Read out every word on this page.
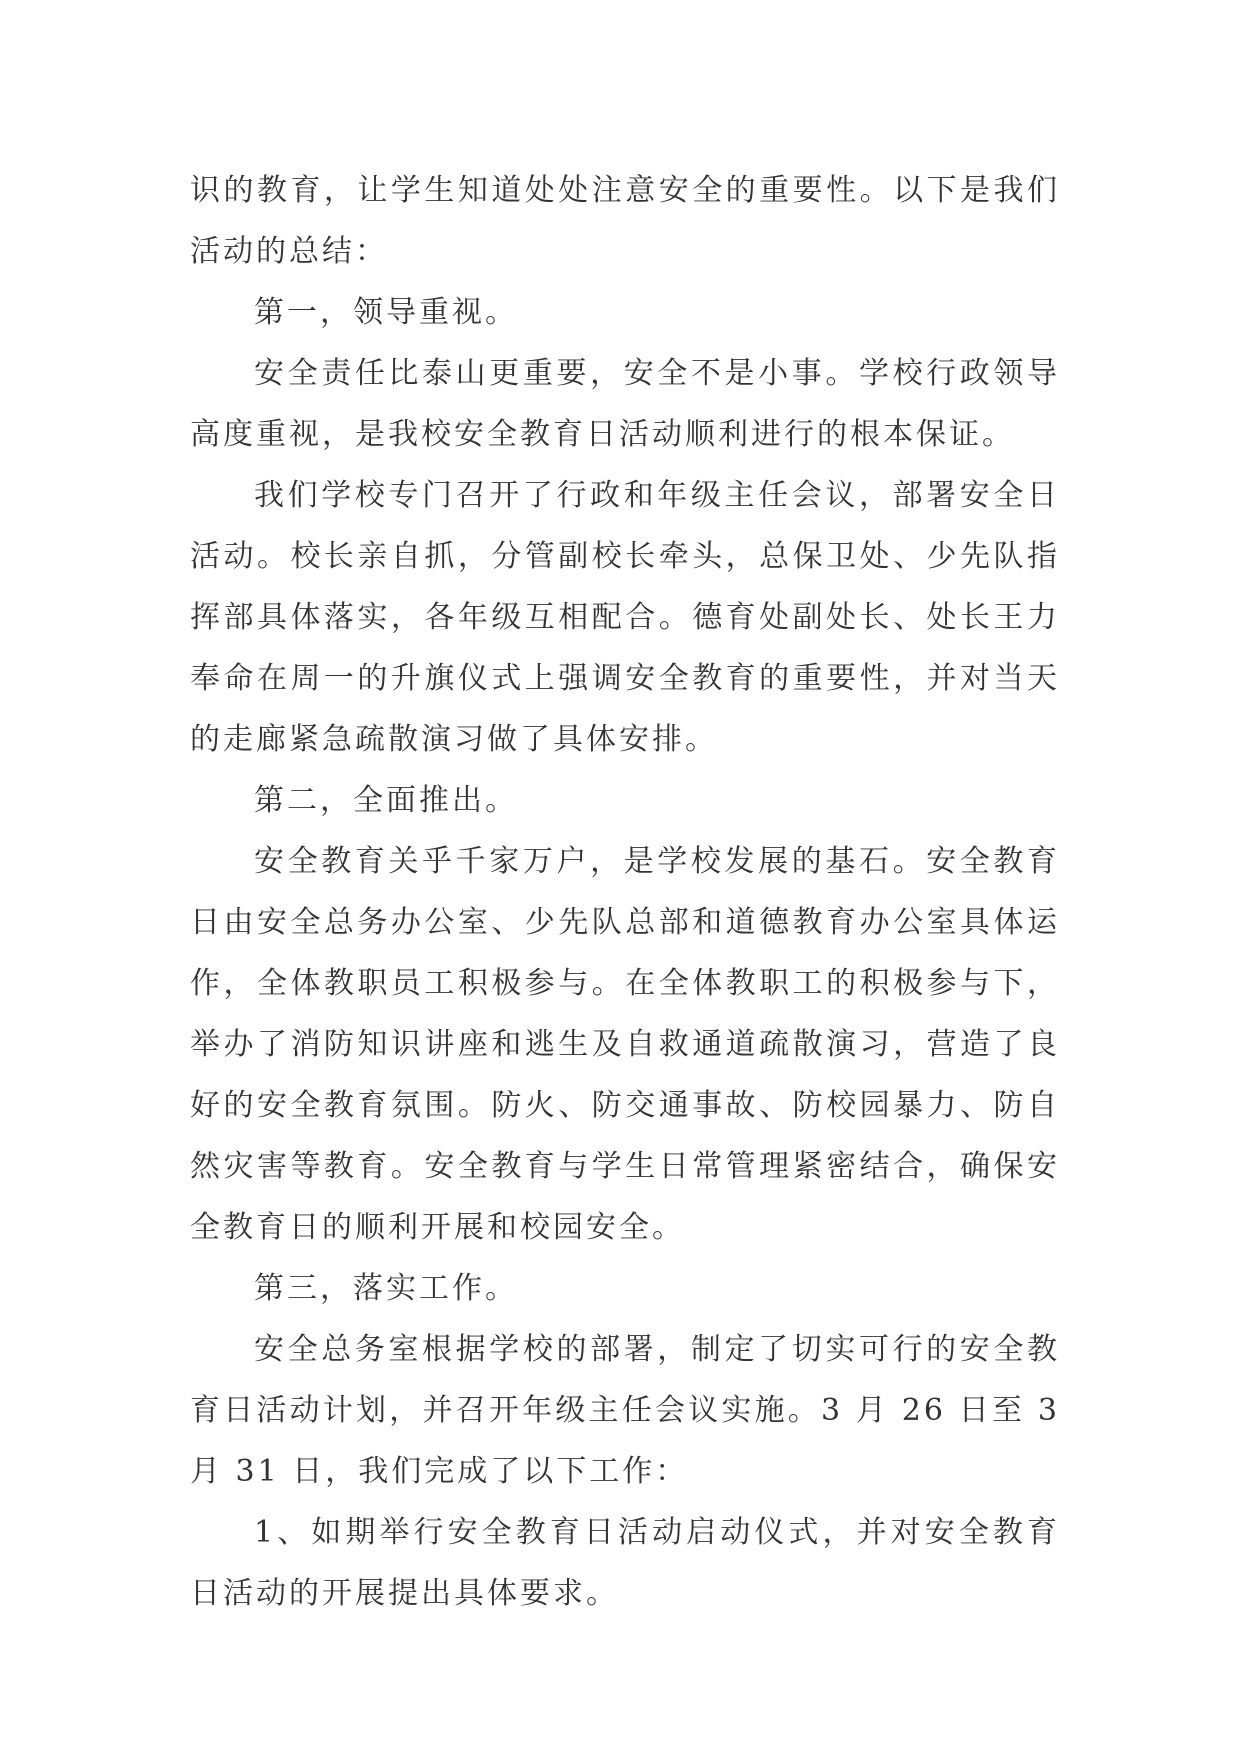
识的教育，让学生知道处处注意安全的重要性。以下是我们活动的总结：

第一，领导重视。

安全责任比泰山更重要，安全不是小事。学校行政领导高度重视，是我校安全教育日活动顺利进行的根本保证。

我们学校专门召开了行政和年级主任会议，部署安全日活动。校长亲自抓，分管副校长牵头，总保卫处、少先队指挥部具体落实，各年级互相配合。德育处副处长、处长王力奉命在周一的升旗仪式上强调安全教育的重要性，并对当天的走廊紧急疏散演习做了具体安排。

第二，全面推出。

安全教育关乎千家万户，是学校发展的基石。安全教育日由安全总务办公室、少先队总部和道德教育办公室具体运作，全体教职员工积极参与。在全体教职工的积极参与下，举办了消防知识讲座和逃生及自救通道疏散演习，营造了良好的安全教育氛围。防火、防交通事故、防校园暴力、防自然灾害等教育。安全教育与学生日常管理紧密结合，确保安全教育日的顺利开展和校园安全。

第三，落实工作。

安全总务室根据学校的部署，制定了切实可行的安全教育日活动计划，并召开年级主任会议实施。3 月 26 日至 3 月 31 日，我们完成了以下工作：

1、如期举行安全教育日活动启动仪式，并对安全教育日活动的开展提出具体要求。
